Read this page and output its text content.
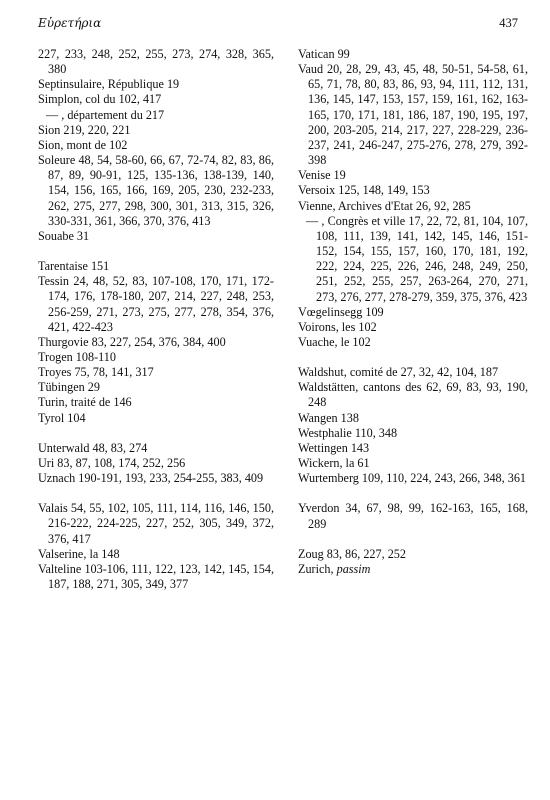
Εὑρετήρια	437

227, 233, 248, 252, 255, 273, 274, 328, 365, 380

Septinsulaire, République 19

Simplon, col du 102, 417

— , département du 217

Sion 219, 220, 221

Sion, mont de 102

Soleure 48, 54, 58-60, 66, 67, 72-74, 82, 83, 86, 87, 89, 90-91, 125, 135-136, 138-139, 140, 154, 156, 165, 166, 169, 205, 230, 232-233, 262, 275, 277, 298, 300, 301, 313, 315, 326, 330-331, 361, 366, 370, 376, 413

Souabe 31

Tarentaise 151

Tessin 24, 48, 52, 83, 107-108, 170, 171, 172-174, 176, 178-180, 207, 214, 227, 248, 253, 256-259, 271, 273, 275, 277, 278, 354, 376, 421, 422-423

Thurgovie 83, 227, 254, 376, 384, 400

Trogen 108-110

Troyes 75, 78, 141, 317

Tübingen 29

Turin, traité de 146

Tyrol 104

Unterwald 48, 83, 274

Uri 83, 87, 108, 174, 252, 256

Uznach 190-191, 193, 233, 254-255, 383, 409

Valais 54, 55, 102, 105, 111, 114, 116, 146, 150, 216-222, 224-225, 227, 252, 305, 349, 372, 376, 417

Valserine, la 148

Valteline 103-106, 111, 122, 123, 142, 145, 154, 187, 188, 271, 305, 349, 377

Vatican 99

Vaud 20, 28, 29, 43, 45, 48, 50-51, 54-58, 61, 65, 71, 78, 80, 83, 86, 93, 94, 111, 112, 131, 136, 145, 147, 153, 157, 159, 161, 162, 163-165, 170, 171, 181, 186, 187, 190, 195, 197, 200, 203-205, 214, 217, 227, 228-229, 236-237, 241, 246-247, 275-276, 278, 279, 392-398

Venise 19

Versoix 125, 148, 149, 153

Vienne, Archives d'Etat 26, 92, 285

— , Congrès et ville 17, 22, 72, 81, 104, 107, 108, 111, 139, 141, 142, 145, 146, 151-152, 154, 155, 157, 160, 170, 181, 192, 222, 224, 225, 226, 246, 248, 249, 250, 251, 252, 255, 257, 263-264, 270, 271, 273, 276, 277, 278-279, 359, 375, 376, 423

Vœgelinsegg 109

Voirons, les 102

Vuache, le 102

Waldshut, comité de 27, 32, 42, 104, 187

Waldstätten, cantons des 62, 69, 83, 93, 190, 248

Wangen 138

Westphalie 110, 348

Wettingen 143

Wickern, la 61

Wurtemberg 109, 110, 224, 243, 266, 348, 361

Yverdon 34, 67, 98, 99, 162-163, 165, 168, 289

Zoug 83, 86, 227, 252

Zurich, passim
